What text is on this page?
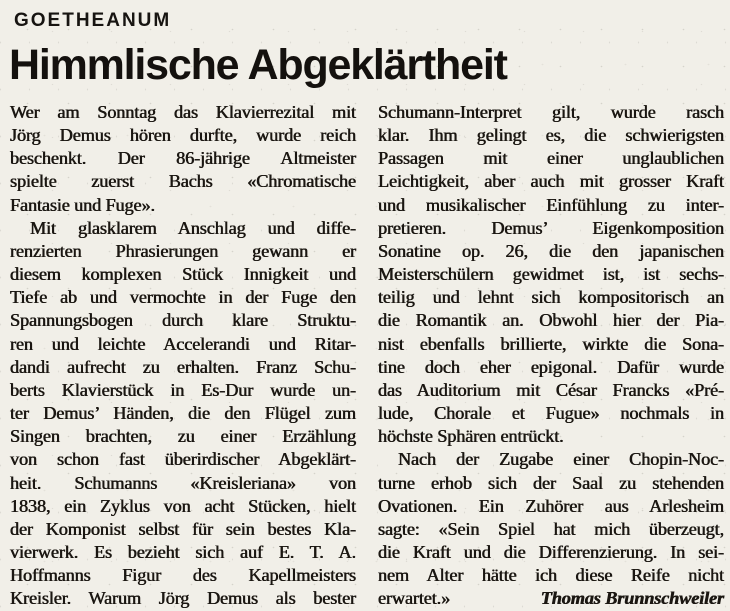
GOETHEANUM
Himmlische Abgeklärtheit
Wer am Sonntag das Klavierrezital mit
Jörg Demus hören durfte, wurde reich
beschenkt. Der 86-jährige Altmeister
spielte zuerst Bachs «Chromatische
Fantasie und Fuge».
Mit glasklarem Anschlag und diffe-
renzierten Phrasierungen gewann er
diesem komplexen Stück Innigkeit und
Tiefe ab und vermochte in der Fuge den
Spannungsbogen durch klare Struktu-
ren und leichte Accelerandi und Ritar-
dandi aufrecht zu erhalten. Franz Schu-
berts Klavierstück in Es-Dur wurde un-
ter Demus’ Händen, die den Flügel zum
Singen brachten, zu einer Erzählung
von schon fast überirdischer Abgeklärt-
heit. Schumanns «Kreisleriana» von
1838, ein Zyklus von acht Stücken, hielt
der Komponist selbst für sein bestes Kla-
vierwerk. Es bezieht sich auf E. T. A.
Hoffmanns Figur des Kapellmeisters
Kreisler. Warum Jörg Demus als bester
Schumann-Interpret gilt, wurde rasch
klar. Ihm gelingt es, die schwierigsten
Passagen mit einer unglaublichen
Leichtigkeit, aber auch mit grosser Kraft
und musikalischer Einfühlung zu inter-
pretieren. Demus’ Eigenkomposition
Sonatine op. 26, die den japanischen
Meisterschülern gewidmet ist, ist sechs-
teilig und lehnt sich kompositorisch an
die Romantik an. Obwohl hier der Pia-
nist ebenfalls brillierte, wirkte die Sona-
tine doch eher epigonal. Dafür wurde
das Auditorium mit César Francks «Pré-
lude, Chorale et Fugue» nochmals in
höchste Sphären entrückt.
Nach der Zugabe einer Chopin-Noc-
turne erhob sich der Saal zu stehenden
Ovationen. Ein Zuhörer aus Arlesheim
sagte: «Sein Spiel hat mich überzeugt,
die Kraft und die Differenzierung. In sei-
nem Alter hätte ich diese Reife nicht
erwartet.»	Thomas Brunnschweiler
